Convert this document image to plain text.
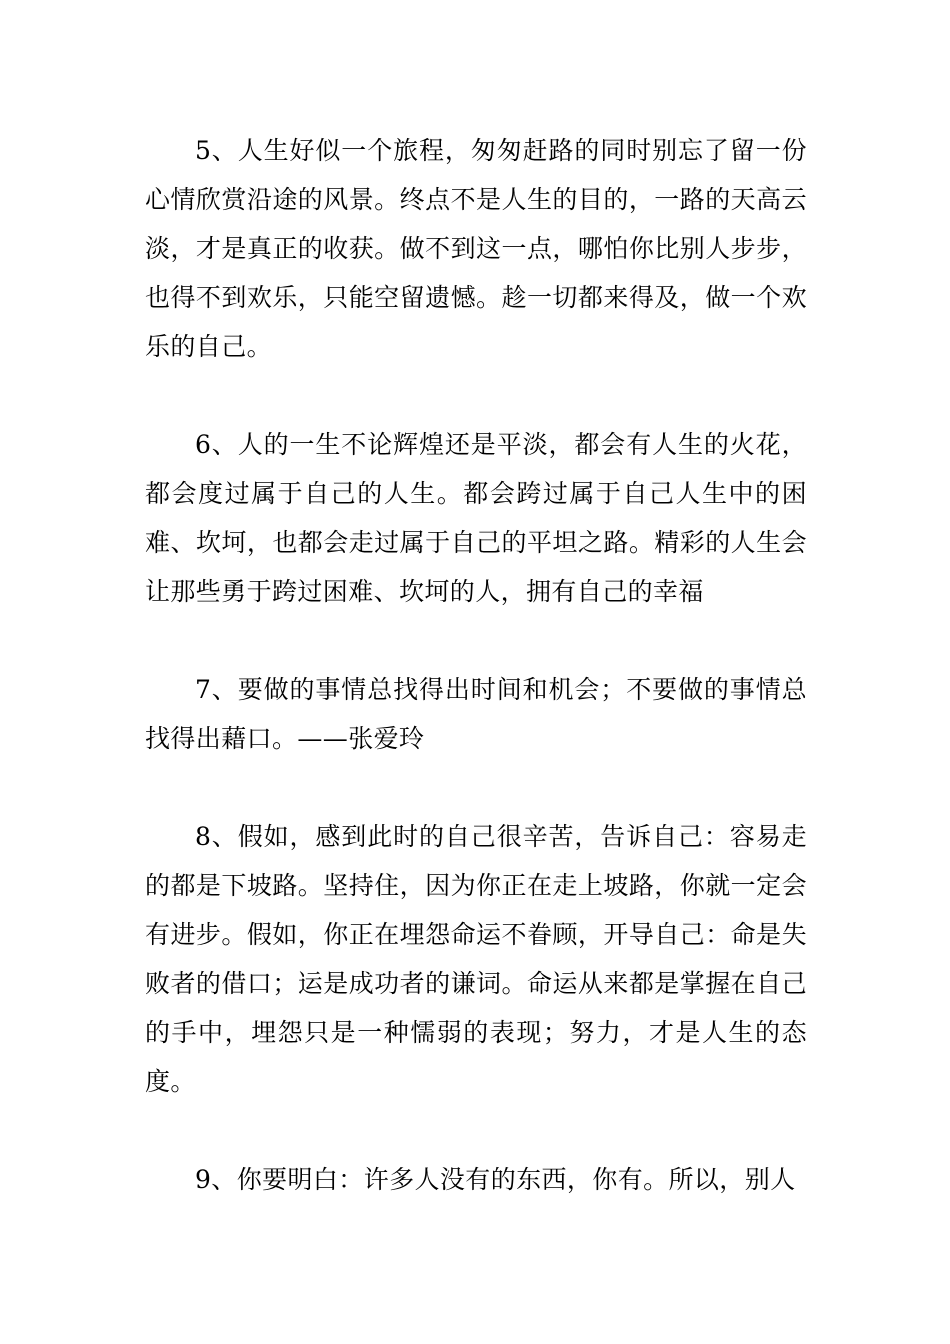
5、人生好似一个旅程，匆匆赶路的同时别忘了留一份心情欣赏沿途的风景。终点不是人生的目的，一路的天高云淡，才是真正的收获。做不到这一点，哪怕你比别人步步，也得不到欢乐，只能空留遗憾。趁一切都来得及，做一个欢乐的自己。

6、人的一生不论辉煌还是平淡，都会有人生的火花，都会度过属于自己的人生。都会跨过属于自己人生中的困难、坎坷，也都会走过属于自己的平坦之路。精彩的人生会让那些勇于跨过困难、坎坷的人，拥有自己的幸福

7、要做的事情总找得出时间和机会；不要做的事情总找得出藉口。——张爱玲

8、假如，感到此时的自己很辛苦，告诉自己：容易走的都是下坡路。坚持住，因为你正在走上坡路，你就一定会有进步。假如，你正在埋怨命运不眷顾，开导自己：命是失败者的借口；运是成功者的谦词。命运从来都是掌握在自己的手中，埋怨只是一种懦弱的表现；努力，才是人生的态度。

9、你要明白：许多人没有的东西，你有。所以，别人
